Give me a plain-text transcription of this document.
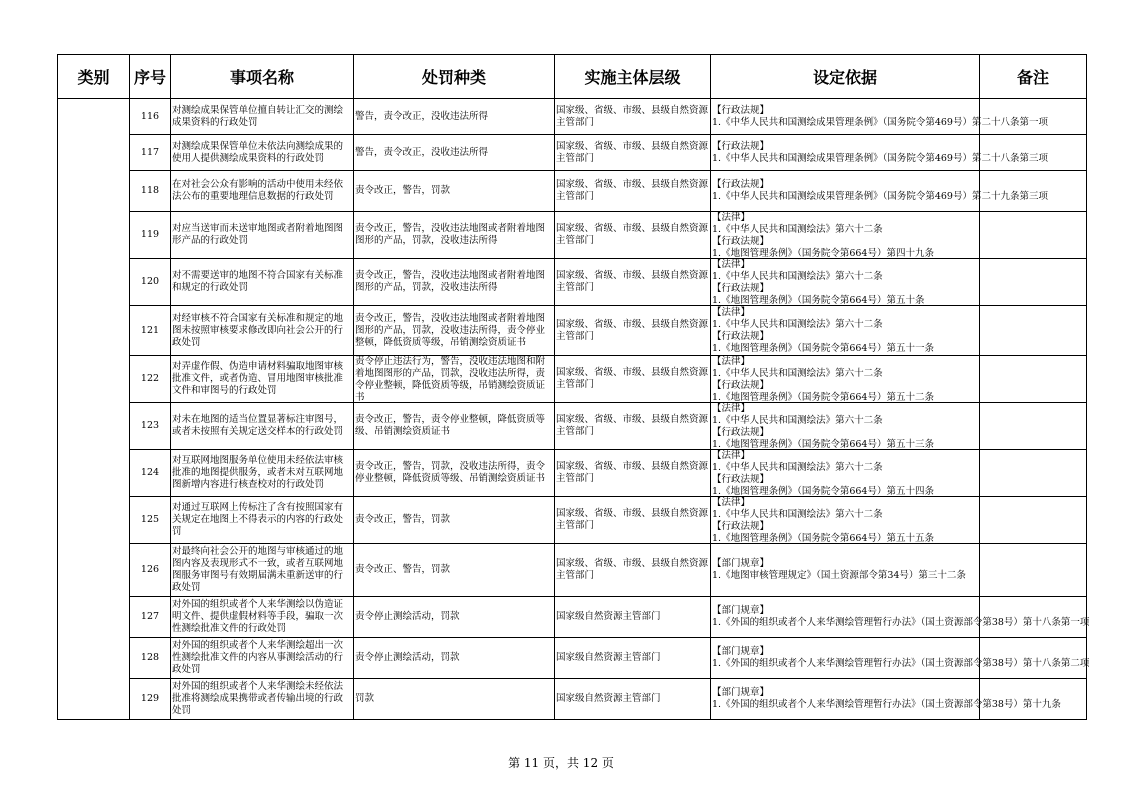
类别	序号	事项名称	处罚种类	实施主体层级	设定依据	备注

	116	对测绘成果保管单位擅自转让汇交的测绘成果资料的行政处罚	警告，责令改正，没收违法所得	国家级、省级、市级、县级自然资源主管部门	【行政法规】
1.《中华人民共和国测绘成果管理条例》（国务院令第469号）第二十八条第一项	

	117	对测绘成果保管单位未依法向测绘成果的使用人提供测绘成果资料的行政处罚	警告，责令改正，没收违法所得	国家级、省级、市级、县级自然资源主管部门	【行政法规】
1.《中华人民共和国测绘成果管理条例》（国务院令第469号）第二十八条第三项	

	118	在对社会公众有影响的活动中使用未经依法公布的重要地理信息数据的行政处罚	责令改正，警告，罚款	国家级、省级、市级、县级自然资源主管部门	【行政法规】
1.《中华人民共和国测绘成果管理条例》（国务院令第469号）第二十九条第三项	

	119	对应当送审而未送审地图或者附着地图图形产品的行政处罚	责令改正，警告，没收违法地图或者附着地图图形的产品，罚款，没收违法所得	国家级、省级、市级、县级自然资源主管部门	【法律】
1.《中华人民共和国测绘法》第六十二条
【行政法规】
1.《地图管理条例》（国务院令第664号）第四十九条	

	120	对不需要送审的地图不符合国家有关标准和规定的行政处罚	责令改正，警告，没收违法地图或者附着地图图形的产品，罚款，没收违法所得	国家级、省级、市级、县级自然资源主管部门	【法律】
1.《中华人民共和国测绘法》第六十二条
【行政法规】
1.《地图管理条例》（国务院令第664号）第五十条	

	121	对经审核不符合国家有关标准和规定的地图未按照审核要求修改即向社会公开的行政处罚	责令改正，警告，没收违法地图或者附着地图图形的产品，罚款，没收违法所得，责令停业整顿，降低资质等级，吊销测绘资质证书	国家级、省级、市级、县级自然资源主管部门	【法律】
1.《中华人民共和国测绘法》第六十二条
【行政法规】
1.《地图管理条例》（国务院令第664号）第五十一条	

	122	对弄虚作假、伪造申请材料骗取地图审核批准文件，或者伪造、冒用地图审核批准文件和审图号的行政处罚	责令停止违法行为，警告，没收违法地图和附着地图图形的产品，罚款，没收违法所得，责令停业整顿，降低资质等级，吊销测绘资质证书	国家级、省级、市级、县级自然资源主管部门	【法律】
1.《中华人民共和国测绘法》第六十二条
【行政法规】
1.《地图管理条例》（国务院令第664号）第五十二条	

	123	对未在地图的适当位置显著标注审图号，或者未按照有关规定送交样本的行政处罚	责令改正，警告，责令停业整顿，降低资质等级、吊销测绘资质证书	国家级、省级、市级、县级自然资源主管部门	【法律】
1.《中华人民共和国测绘法》第六十二条
【行政法规】
1.《地图管理条例》（国务院令第664号）第五十三条	

	124	对互联网地图服务单位使用未经依法审核批准的地图提供服务，或者未对互联网地图新增内容进行核查校对的行政处罚	责令改正，警告，罚款，没收违法所得，责令停业整顿，降低资质等级、吊销测绘资质证书	国家级、省级、市级、县级自然资源主管部门	【法律】
1.《中华人民共和国测绘法》第六十二条
【行政法规】
1.《地图管理条例》（国务院令第664号）第五十四条	

	125	对通过互联网上传标注了含有按照国家有关规定在地图上不得表示的内容的行政处罚	责令改正，警告，罚款	国家级、省级、市级、县级自然资源主管部门	【法律】
1.《中华人民共和国测绘法》第六十二条
【行政法规】
1.《地图管理条例》（国务院令第664号）第五十五条	

	126	对最终向社会公开的地图与审核通过的地图内容及表现形式不一致，或者互联网地图服务审图号有效期届满未重新送审的行政处罚	责令改正、警告，罚款	国家级、省级、市级、县级自然资源主管部门	【部门规章】
1.《地图审核管理规定》（国土资源部令第34号）第三十二条	

	127	对外国的组织或者个人来华测绘以伪造证明文件、提供虚假材料等手段，骗取一次性测绘批准文件的行政处罚	责令停止测绘活动，罚款	国家级自然资源主管部门	【部门规章】
1.《外国的组织或者个人来华测绘管理暂行办法》（国土资源部令第38号）第十八条第一项	

	128	对外国的组织或者个人来华测绘超出一次性测绘批准文件的内容从事测绘活动的行政处罚	责令停止测绘活动，罚款	国家级自然资源主管部门	【部门规章】
1.《外国的组织或者个人来华测绘管理暂行办法》（国土资源部令第38号）第十八条第二项	

	129	对外国的组织或者个人来华测绘未经依法批准将测绘成果携带或者传输出境的行政处罚	罚款	国家级自然资源主管部门	【部门规章】
1.《外国的组织或者个人来华测绘管理暂行办法》（国土资源部令第38号）第十九条	

第 11 页，共 12 页
